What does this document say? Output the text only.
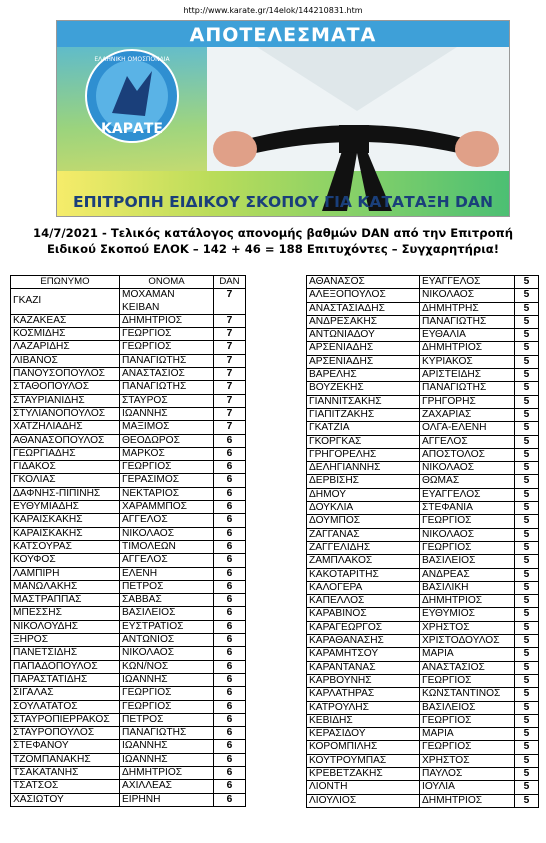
http://www.karate.gr/14elok/144210831.htm
ΕΛΛΗΝΙΚΗ ΟΜΟΣΠΟΝΔΙΑ
ΚΑΡΑΤΕ
ΑΠΟΤΕΛΕΣΜΑΤΑ
ΕΠΙΤΡΟΠΗ ΕΙΔΙΚΟΥ ΣΚΟΠΟΥ ΓΙΑ ΚΑΤΑΤΑΞΗ DAN
14/7/2021 - Τελικός κατάλογος απονομής βαθμών DAN από την Επιτροπή
Ειδικού Σκοπού ΕΛΟΚ – 142 + 46 = 188 Επιτυχόντες – Συγχαρητήρια!
ΕΠΩΝΥΜΟ	ΟΝΟΜΑ	DAN
ΓΚΑΖΙ	ΜΟΧΑΜΑΝ ΚΕΙΒΑΝ	7
ΚΑΖΑΚΕΑΣ	ΔΗΜΗΤΡΙΟΣ	7
ΚΟΣΜΙΔΗΣ	ΓΕΩΡΓΙΟΣ	7
ΛΑΖΑΡΙΔΗΣ	ΓΕΩΡΓΙΟΣ	7
ΛΙΒΑΝΟΣ	ΠΑΝΑΓΙΩΤΗΣ	7
ΠΑΝΟΥΣΟΠΟΥΛΟΣ	ΑΝΑΣΤΑΣΙΟΣ	7
ΣΤΑΘΟΠΟΥΛΟΣ	ΠΑΝΑΓΙΩΤΗΣ	7
ΣΤΑΥΡΙΑΝΙΔΗΣ	ΣΤΑΥΡΟΣ	7
ΣΤΥΛΙΑΝΟΠΟΥΛΟΣ	ΙΩΑΝΝΗΣ	7
ΧΑΤΖΗΛΙΑΔΗΣ	ΜΑΞΙΜΟΣ	7
ΑΘΑΝΑΣΟΠΟΥΛΟΣ	ΘΕΟΔΩΡΟΣ	6
ΓΕΩΡΓΙΑΔΗΣ	ΜΑΡΚΟΣ	6
ΓΙΔΑΚΟΣ	ΓΕΩΡΓΙΟΣ	6
ΓΚΟΛΙΑΣ	ΓΕΡΑΣΙΜΟΣ	6
ΔΑΦΝΗΣ-ΠΙΠΙΝΗΣ	ΝΕΚΤΑΡΙΟΣ	6
ΕΥΘΥΜΙΑΔΗΣ	ΧΑΡΑΜΜΠΟΣ	6
ΚΑΡΑΙΣΚΑΚΗΣ	ΑΓΓΕΛΟΣ	6
ΚΑΡΑΙΣΚΑΚΗΣ	ΝΙΚΟΛΑΟΣ	6
ΚΑΤΣΟΥΡΑΣ	ΤΙΜΟΛΕΩΝ	6
ΚΟΥΦΟΣ	ΑΓΓΕΛΟΣ	6
ΛΑΜΠΙΡΗ	ΕΛΕΝΗ	6
ΜΑΝΩΛΑΚΗΣ	ΠΕΤΡΟΣ	6
ΜΑΣΤΡΑΠΠΑΣ	ΣΑΒΒΑΣ	6
ΜΠΕΣΣΗΣ	ΒΑΣΙΛΕΙΟΣ	6
ΝΙΚΟΛΟΥΔΗΣ	ΕΥΣΤΡΑΤΙΟΣ	6
ΞΗΡΟΣ	ΑΝΤΩΝΙΟΣ	6
ΠΑΝΕΤΣΙΔΗΣ	ΝΙΚΟΛΑΟΣ	6
ΠΑΠΑΔΟΠΟΥΛΟΣ	ΚΩΝ/ΝΟΣ	6
ΠΑΡΑΣΤΑΤΙΔΗΣ	ΙΩΑΝΝΗΣ	6
ΣΙΓΑΛΑΣ	ΓΕΩΡΓΙΟΣ	6
ΣΟΥΛΑΤΑΤΟΣ	ΓΕΩΡΓΙΟΣ	6
ΣΤΑΥΡΟΠΙΕΡΡΑΚΟΣ	ΠΕΤΡΟΣ	6
ΣΤΑΥΡΟΠΟΥΛΟΣ	ΠΑΝΑΓΙΩΤΗΣ	6
ΣΤΕΦΑΝΟΥ	ΙΩΑΝΝΗΣ	6
ΤΖΟΜΠΑΝΑΚΗΣ	ΙΩΑΝΝΗΣ	6
ΤΣΑΚΑΤΑΝΗΣ	ΔΗΜΗΤΡΙΟΣ	6
ΤΣΑΤΣΟΣ	ΑΧΙΛΛΕΑΣ	6
ΧΑΣΙΩΤΟΥ	ΕΙΡΗΝΗ	6
ΑΘΑΝΑΣΟΣ	ΕΥΑΓΓΕΛΟΣ	5
ΑΛΕΞΟΠΟΥΛΟΣ	ΝΙΚΟΛΑΟΣ	5
ΑΝΑΣΤΑΣΙΑΔΗΣ	ΔΗΜΗΤΡΗΣ	5
ΑΝΔΡΕΣΑΚΗΣ	ΠΑΝΑΓΙΩΤΗΣ	5
ΑΝΤΩΝΙΑΔΟΥ	ΕΥΘΑΛΙΑ	5
ΑΡΣΕΝΙΑΔΗΣ	ΔΗΜΗΤΡΙΟΣ	5
ΑΡΣΕΝΙΑΔΗΣ	ΚΥΡΙΑΚΟΣ	5
ΒΑΡΕΛΗΣ	ΑΡΙΣΤΕΙΔΗΣ	5
ΒΟΥΖΕΚΗΣ	ΠΑΝΑΓΙΩΤΗΣ	5
ΓΙΑΝΝΙΤΣΑΚΗΣ	ΓΡΗΓΟΡΗΣ	5
ΓΙΑΠΙΤΖΑΚΗΣ	ΖΑΧΑΡΙΑΣ	5
ΓΚΑΤΖΙΑ	ΟΛΓΑ-ΕΛΕΝΗ	5
ΓΚΟΡΓΚΑΣ	ΑΓΓΕΛΟΣ	5
ΓΡΗΓΟΡΕΛΗΣ	ΑΠΟΣΤΟΛΟΣ	5
ΔΕΛΗΓΙΑΝΝΗΣ	ΝΙΚΟΛΑΟΣ	5
ΔΕΡΒΙΣΗΣ	ΘΩΜΑΣ	5
ΔΗΜΟΥ	ΕΥΑΓΓΕΛΟΣ	5
ΔΟΥΚΛΙΑ	ΣΤΕΦΑΝΙΑ	5
ΔΟΥΜΠΟΣ	ΓΕΩΡΓΙΟΣ	5
ΖΑΓΓΑΝΑΣ	ΝΙΚΟΛΑΟΣ	5
ΖΑΓΓΕΛΙΔΗΣ	ΓΕΩΡΓΙΟΣ	5
ΖΑΜΠΛΑΚΟΣ	ΒΑΣΙΛΕΙΟΣ	5
ΚΑΚΟΤΑΡΙΤΗΣ	ΑΝΔΡΕΑΣ	5
ΚΑΛΟΓΕΡΑ	ΒΑΣΙΛΙΚΗ	5
ΚΑΠΕΛΛΟΣ	ΔΗΜΗΤΡΙΟΣ	5
ΚΑΡΑΒΙΝΟΣ	ΕΥΘΥΜΙΟΣ	5
ΚΑΡΑΓΕΩΡΓΟΣ	ΧΡΗΣΤΟΣ	5
ΚΑΡΑΘΑΝΑΣΗΣ	ΧΡΙΣΤΟΔΟΥΛΟΣ	5
ΚΑΡΑΜΗΤΣΟΥ	ΜΑΡΙΑ	5
ΚΑΡΑΝΤΑΝΑΣ	ΑΝΑΣΤΑΣΙΟΣ	5
ΚΑΡΒΟΥΝΗΣ	ΓΕΩΡΓΙΟΣ	5
ΚΑΡΛΑΤΗΡΑΣ	ΚΩΝΣΤΑΝΤΙΝΟΣ	5
ΚΑΤΡΟΥΛΗΣ	ΒΑΣΙΛΕΙΟΣ	5
ΚΕΒΙΔΗΣ	ΓΕΩΡΓΙΟΣ	5
ΚΕΡΑΣΙΔΟΥ	ΜΑΡΙΑ	5
ΚΟΡΟΜΠΙΛΗΣ	ΓΕΩΡΓΙΟΣ	5
ΚΟΥΤΡΟΥΜΠΑΣ	ΧΡΗΣΤΟΣ	5
ΚΡΕΒΕΤΖΑΚΗΣ	ΠΑΥΛΟΣ	5
ΛΙΟΝΤΗ	ΙΟΥΛΙΑ	5
ΛΙΟΥΛΙΟΣ	ΔΗΜΗΤΡΙΟΣ	5
